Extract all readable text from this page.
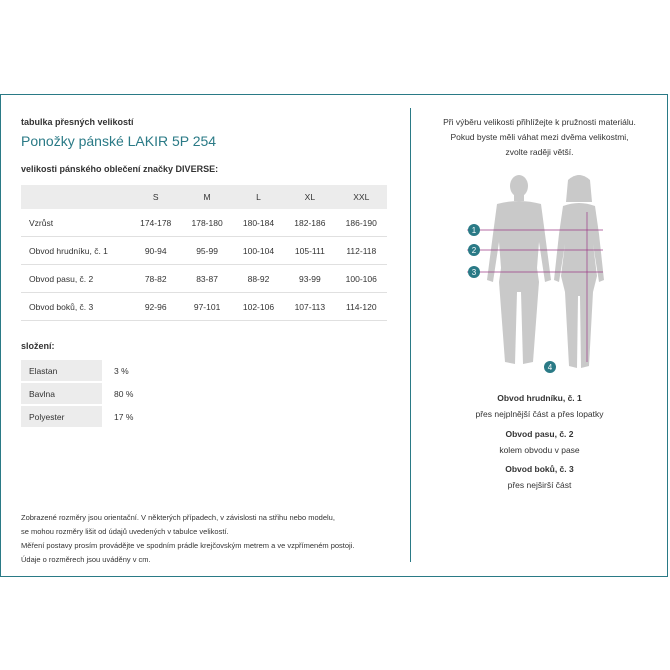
tabulka přesných velikostí
Ponožky pánské LAKIR 5P 254
velikosti pánského oblečení značky DIVERSE:
	S	M	L	XL	XXL
Vzrůst	174-178	178-180	180-184	182-186	186-190
Obvod hrudníku, č. 1	90-94	95-99	100-104	105-111	112-118
Obvod pasu, č. 2	78-82	83-87	88-92	93-99	100-106
Obvod boků, č. 3	92-96	97-101	102-106	107-113	114-120
složení:
Elastan	3 %
Bavlna	80 %
Polyester	17 %
Zobrazené rozměry jsou orientační. V některých případech, v závislosti na střihu nebo modelu,
se mohou rozměry lišit od údajů uvedených v tabulce velikostí.
Měření postavy prosím provádějte ve spodním prádle krejčovským metrem a ve vzpřímeném postoji.
Údaje o rozměrech jsou uváděny v cm.
Při výběru velikosti přihlížejte k pružnosti materiálu.
Pokud byste měli váhat mezi dvěma velikostmi,
zvolte raději větší.
1
2
3
4
Obvod hrudníku, č. 1
přes nejplnější část a přes lopatky
Obvod pasu, č. 2
kolem obvodu v pase
Obvod boků, č. 3
přes nejširší část
